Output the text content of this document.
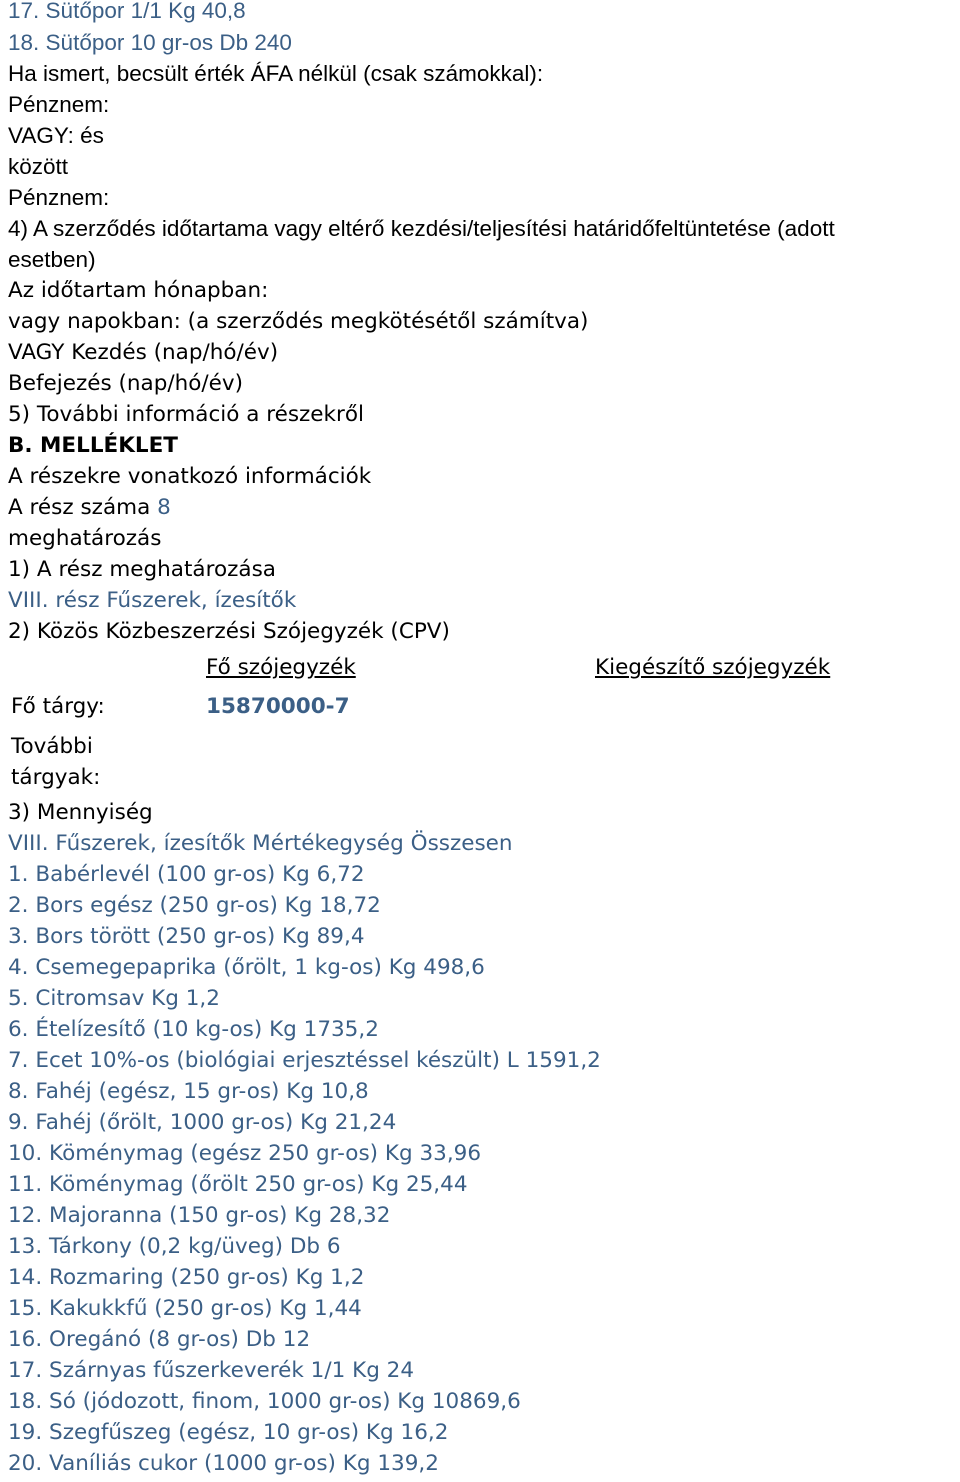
17. Sütőpor 1/1 Kg 40,8
18. Sütőpor 10 gr-os Db 240
Ha ismert, becsült érték ÁFA nélkül (csak számokkal):
Pénznem:
VAGY: és
között
Pénznem:
4) A szerződés időtartama vagy eltérő kezdési/teljesítési határidőfeltüntetése (adott
esetben)
Az időtartam hónapban:
vagy napokban: (a szerződés megkötésétől számítva)
VAGY Kezdés (nap/hó/év)
Befejezés (nap/hó/év)
5) További információ a részekről
B. MELLÉKLET
A részekre vonatkozó információk
A rész száma 8
meghatározás
1) A rész meghatározása
VIII. rész Fűszerek, ízesítők
2) Közös Közbeszerzési Szójegyzék (CPV)
Fő szójegyzék	Kiegészítő szójegyzék
Fő tárgy:	15870000-7
További
tárgyak:
3) Mennyiség
VIII. Fűszerek, ízesítők Mértékegység Összesen
1. Babérlevél (100 gr-os) Kg 6,72
2. Bors egész (250 gr-os) Kg 18,72
3. Bors törött (250 gr-os) Kg 89,4
4. Csemegepaprika (őrölt, 1 kg-os) Kg 498,6
5. Citromsav Kg 1,2
6. Ételízesítő (10 kg-os) Kg 1735,2
7. Ecet 10%-os (biológiai erjesztéssel készült) L 1591,2
8. Fahéj (egész, 15 gr-os) Kg 10,8
9. Fahéj (őrölt, 1000 gr-os) Kg 21,24
10. Köménymag (egész 250 gr-os) Kg 33,96
11. Köménymag (őrölt 250 gr-os) Kg 25,44
12. Majoranna (150 gr-os) Kg 28,32
13. Tárkony (0,2 kg/üveg) Db 6
14. Rozmaring (250 gr-os) Kg 1,2
15. Kakukkfű (250 gr-os) Kg 1,44
16. Oregánó (8 gr-os) Db 12
17. Szárnyas fűszerkeverék 1/1 Kg 24
18. Só (jódozott, finom, 1000 gr-os) Kg 10869,6
19. Szegfűszeg (egész, 10 gr-os) Kg 16,2
20. Vaníliás cukor (1000 gr-os) Kg 139,2
